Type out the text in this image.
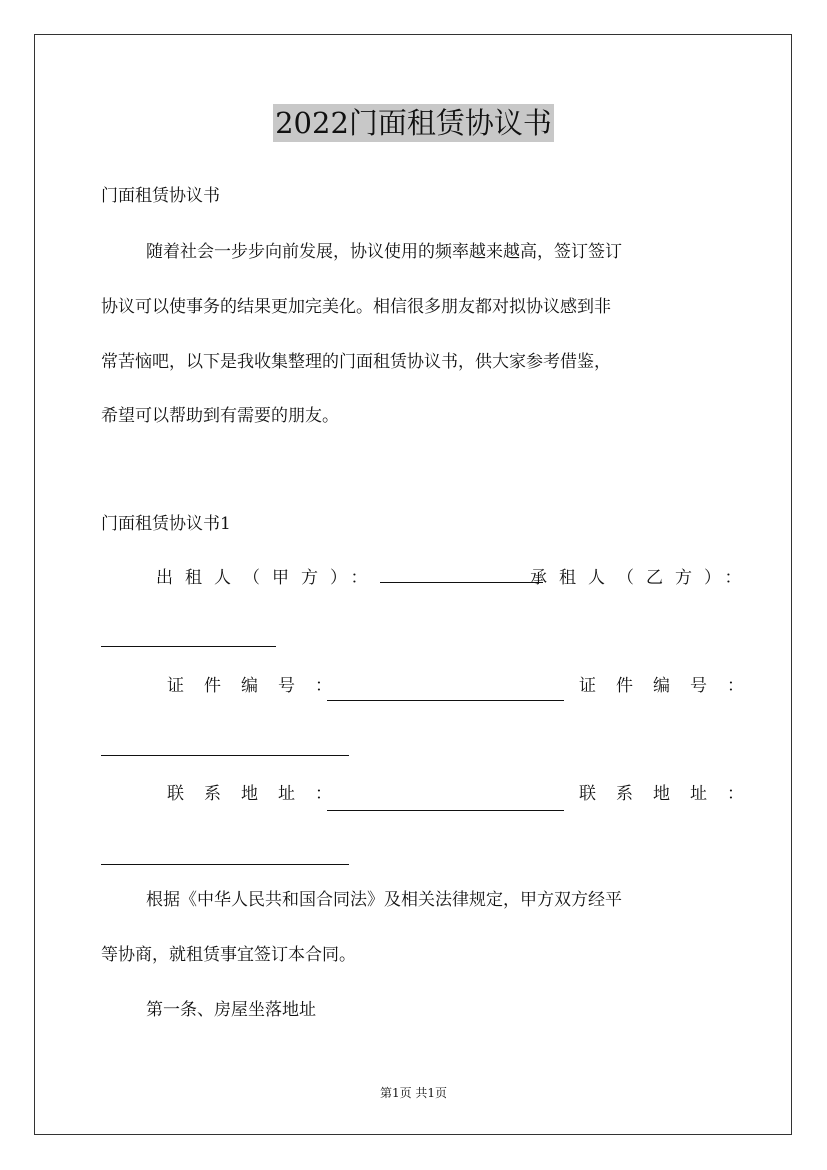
2022门面租赁协议书
门面租赁协议书
随着社会一步步向前发展，协议使用的频率越来越高，签订签订
协议可以使事务的结果更加完美化。相信很多朋友都对拟协议感到非
常苦恼吧，以下是我收集整理的门面租赁协议书，供大家参考借鉴，
希望可以帮助到有需要的朋友。
门面租赁协议书1
出租人（甲方）：	承租人（乙方）：
证件编号：	证件编号：
联系地址：	联系地址：
根据《中华人民共和国合同法》及相关法律规定，甲方双方经平
等协商，就租赁事宜签订本合同。
第一条、房屋坐落地址
第1页 共1页
